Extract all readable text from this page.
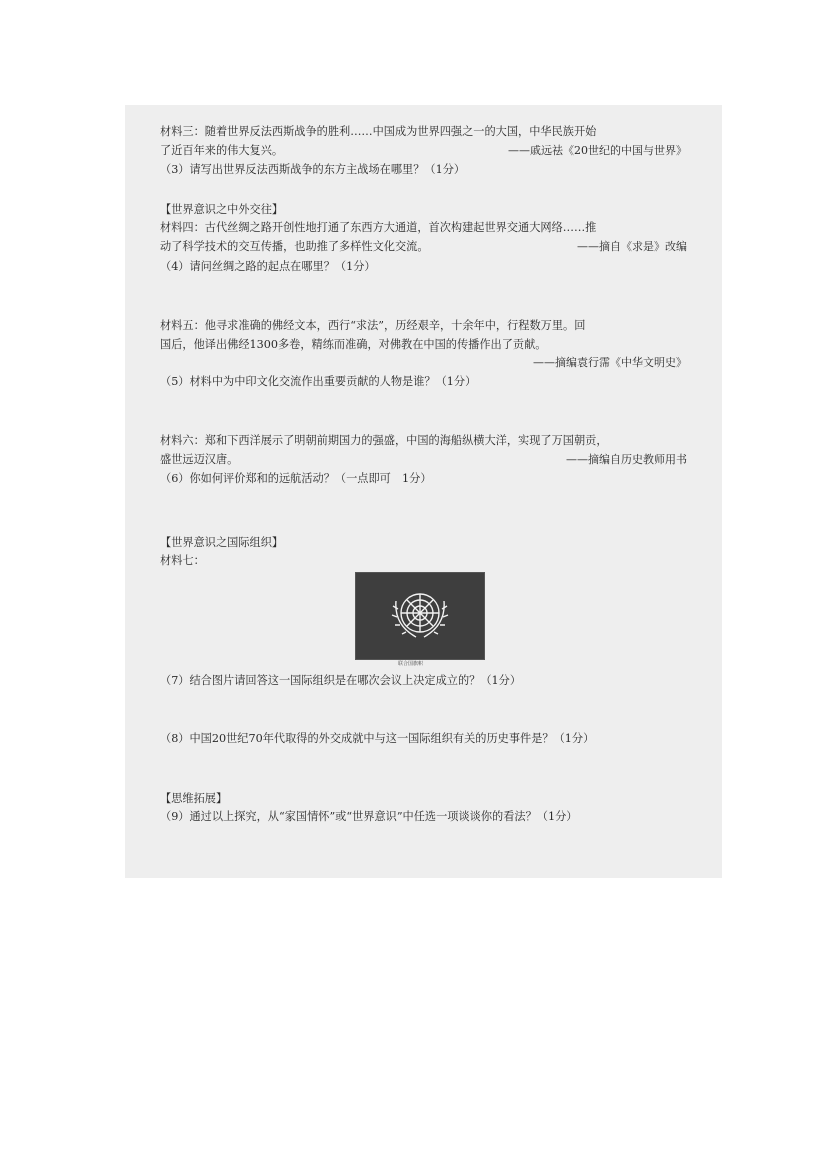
材料三：随着世界反法西斯战争的胜利……中国成为世界四强之一的大国，中华民族开始
了近百年来的伟大复兴。	——戚远祛《20世纪的中国与世界》
（3）请写出世界反法西斯战争的东方主战场在哪里？（1分）
【世界意识之中外交往】
材料四：古代丝绸之路开创性地打通了东西方大通道，首次构建起世界交通大网络……推
动了科学技术的交互传播，也助推了多样性文化交流。	——摘自《求是》改编
（4）请问丝绸之路的起点在哪里？（1分）
材料五：他寻求准确的佛经文本，西行“求法”，历经艰辛，十余年中，行程数万里。回
国后，他译出佛经1300多卷，精练而准确，对佛教在中国的传播作出了贡献。
——摘编袁行霈《中华文明史》
（5）材料中为中印文化交流作出重要贡献的人物是谁？（1分）
材料六：郑和下西洋展示了明朝前期国力的强盛，中国的海船纵横大洋，实现了万国朝贡，
盛世远迈汉唐。	——摘编自历史教师用书
（6）你如何评价郑和的远航活动？（一点即可　1分）
【世界意识之国际组织】
材料七：
联合国旗帜
（7）结合图片请回答这一国际组织是在哪次会议上决定成立的？（1分）
（8）中国20世纪70年代取得的外交成就中与这一国际组织有关的历史事件是？（1分）
【思维拓展】
（9）通过以上探究，从“家国情怀”或“世界意识”中任选一项谈谈你的看法？（1分）
